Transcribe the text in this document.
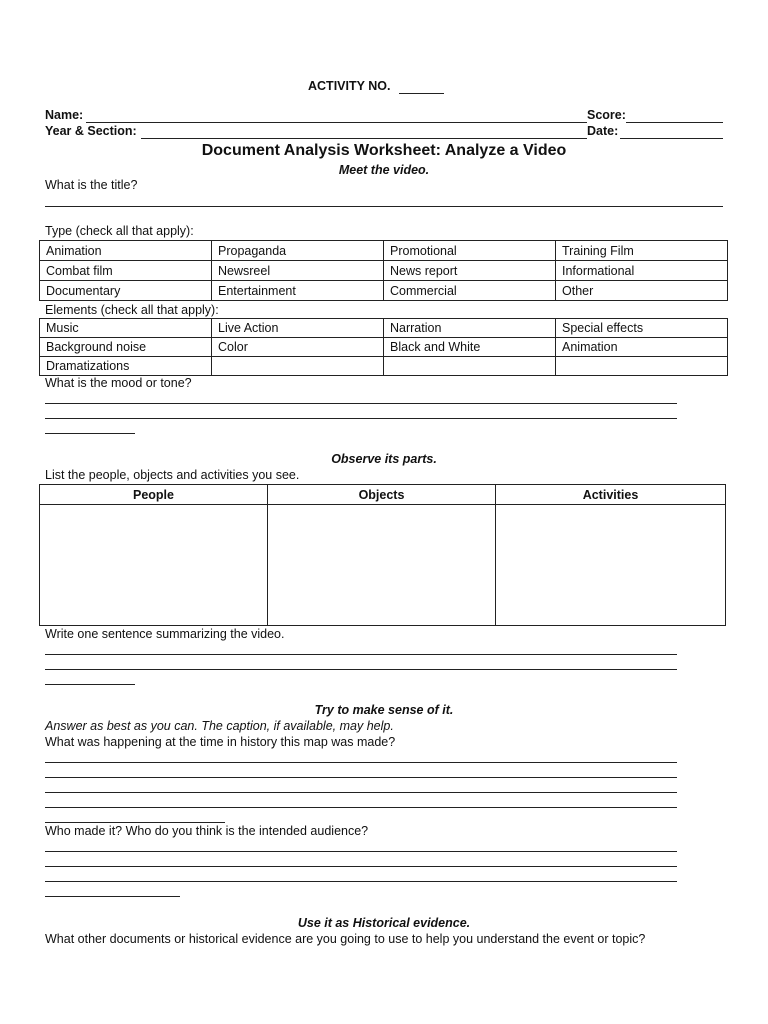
ACTIVITY NO.
Name:	Score:
Year & Section:	Date:
Document Analysis Worksheet: Analyze a Video
Meet the video.
What is the title?
Type (check all that apply):
Animation	Propaganda	Promotional	Training Film
Combat film	Newsreel	News report	Informational
Documentary	Entertainment	Commercial	Other
Elements (check all that apply):
Music	Live Action	Narration	Special effects
Background noise	Color	Black and White	Animation
Dramatizations			
What is the mood or tone?
Observe its parts.
List the people, objects and activities you see.
People	Objects	Activities

Write one sentence summarizing the video.
Try to make sense of it.
Answer as best as you can. The caption, if available, may help.
What was happening at the time in history this map was made?
Who made it? Who do you think is the intended audience?
Use it as Historical evidence.
What other documents or historical evidence are you going to use to help you understand the event or topic?
